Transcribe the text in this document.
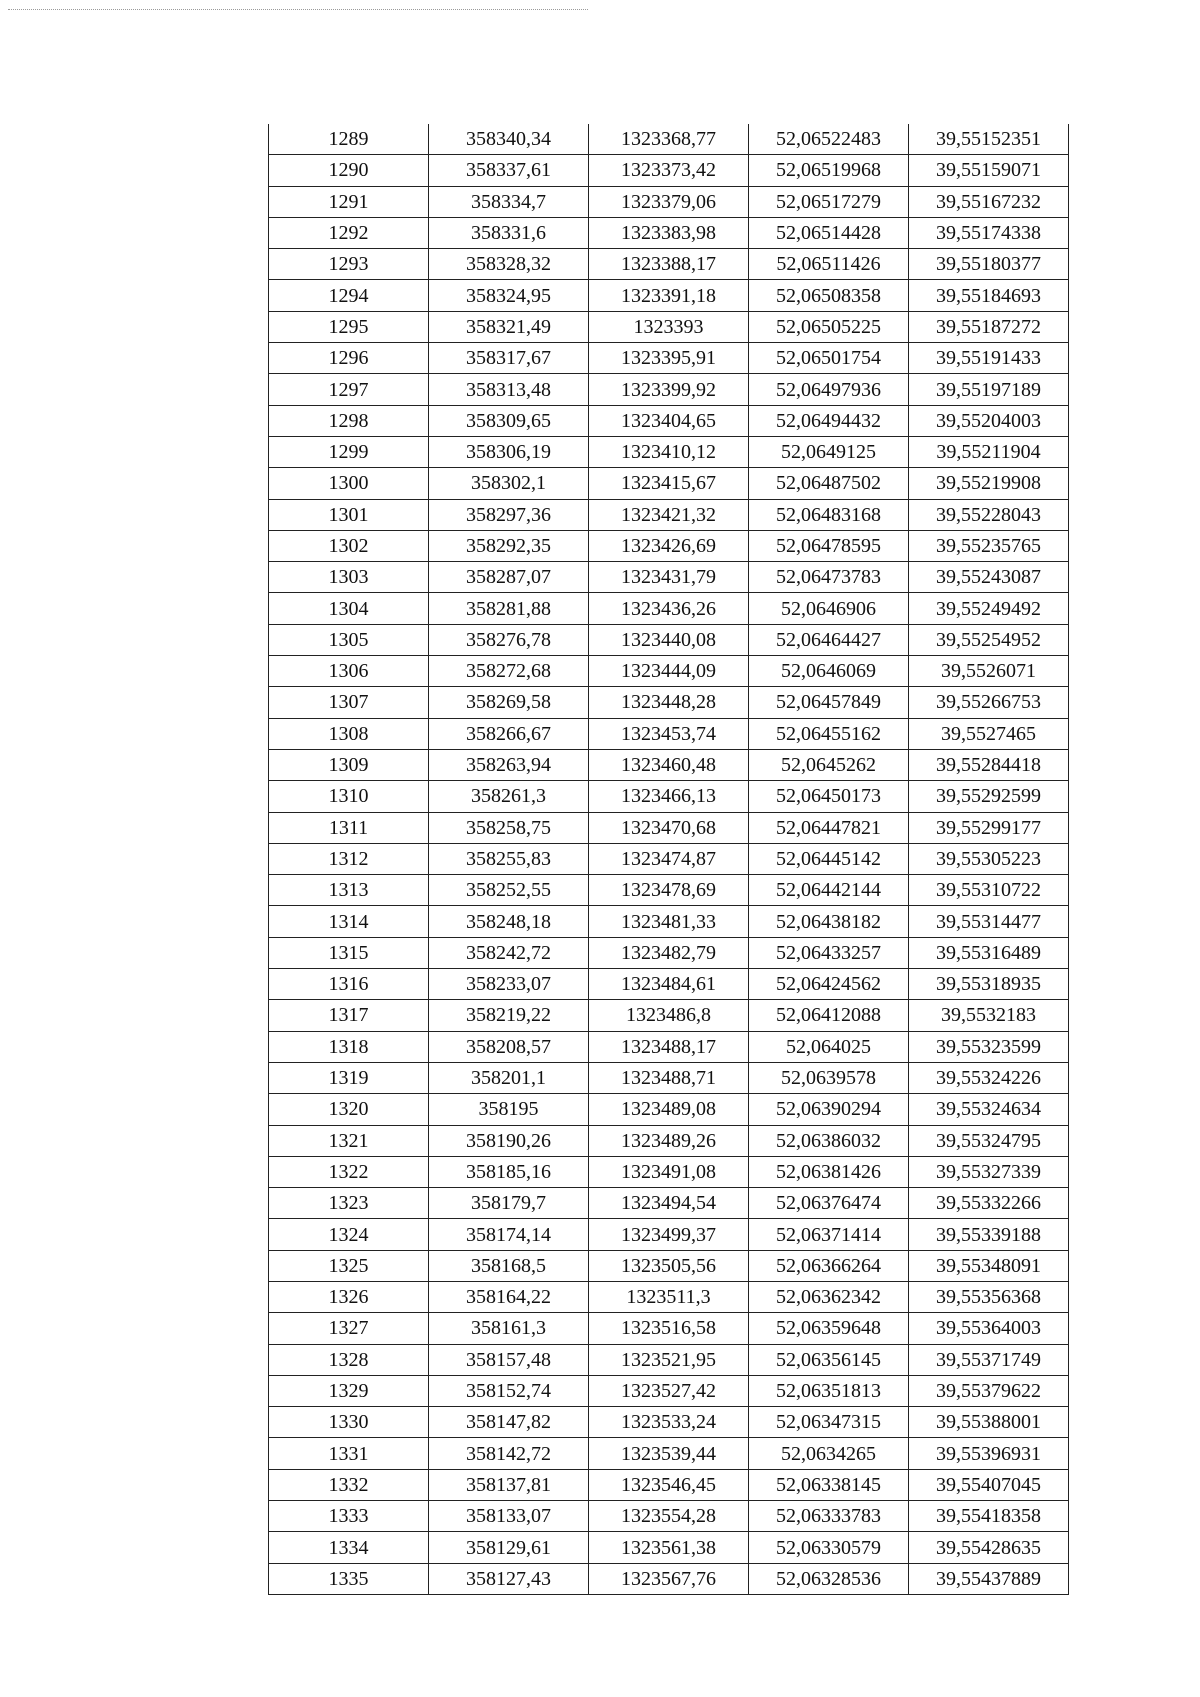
1289	358340,34	1323368,77	52,06522483	39,55152351
1290	358337,61	1323373,42	52,06519968	39,55159071
1291	358334,7	1323379,06	52,06517279	39,55167232
1292	358331,6	1323383,98	52,06514428	39,55174338
1293	358328,32	1323388,17	52,06511426	39,55180377
1294	358324,95	1323391,18	52,06508358	39,55184693
1295	358321,49	1323393	52,06505225	39,55187272
1296	358317,67	1323395,91	52,06501754	39,55191433
1297	358313,48	1323399,92	52,06497936	39,55197189
1298	358309,65	1323404,65	52,06494432	39,55204003
1299	358306,19	1323410,12	52,0649125	39,55211904
1300	358302,1	1323415,67	52,06487502	39,55219908
1301	358297,36	1323421,32	52,06483168	39,55228043
1302	358292,35	1323426,69	52,06478595	39,55235765
1303	358287,07	1323431,79	52,06473783	39,55243087
1304	358281,88	1323436,26	52,0646906	39,55249492
1305	358276,78	1323440,08	52,06464427	39,55254952
1306	358272,68	1323444,09	52,0646069	39,5526071
1307	358269,58	1323448,28	52,06457849	39,55266753
1308	358266,67	1323453,74	52,06455162	39,5527465
1309	358263,94	1323460,48	52,0645262	39,55284418
1310	358261,3	1323466,13	52,06450173	39,55292599
1311	358258,75	1323470,68	52,06447821	39,55299177
1312	358255,83	1323474,87	52,06445142	39,55305223
1313	358252,55	1323478,69	52,06442144	39,55310722
1314	358248,18	1323481,33	52,06438182	39,55314477
1315	358242,72	1323482,79	52,06433257	39,55316489
1316	358233,07	1323484,61	52,06424562	39,55318935
1317	358219,22	1323486,8	52,06412088	39,5532183
1318	358208,57	1323488,17	52,064025	39,55323599
1319	358201,1	1323488,71	52,0639578	39,55324226
1320	358195	1323489,08	52,06390294	39,55324634
1321	358190,26	1323489,26	52,06386032	39,55324795
1322	358185,16	1323491,08	52,06381426	39,55327339
1323	358179,7	1323494,54	52,06376474	39,55332266
1324	358174,14	1323499,37	52,06371414	39,55339188
1325	358168,5	1323505,56	52,06366264	39,55348091
1326	358164,22	1323511,3	52,06362342	39,55356368
1327	358161,3	1323516,58	52,06359648	39,55364003
1328	358157,48	1323521,95	52,06356145	39,55371749
1329	358152,74	1323527,42	52,06351813	39,55379622
1330	358147,82	1323533,24	52,06347315	39,55388001
1331	358142,72	1323539,44	52,0634265	39,55396931
1332	358137,81	1323546,45	52,06338145	39,55407045
1333	358133,07	1323554,28	52,06333783	39,55418358
1334	358129,61	1323561,38	52,06330579	39,55428635
1335	358127,43	1323567,76	52,06328536	39,55437889
